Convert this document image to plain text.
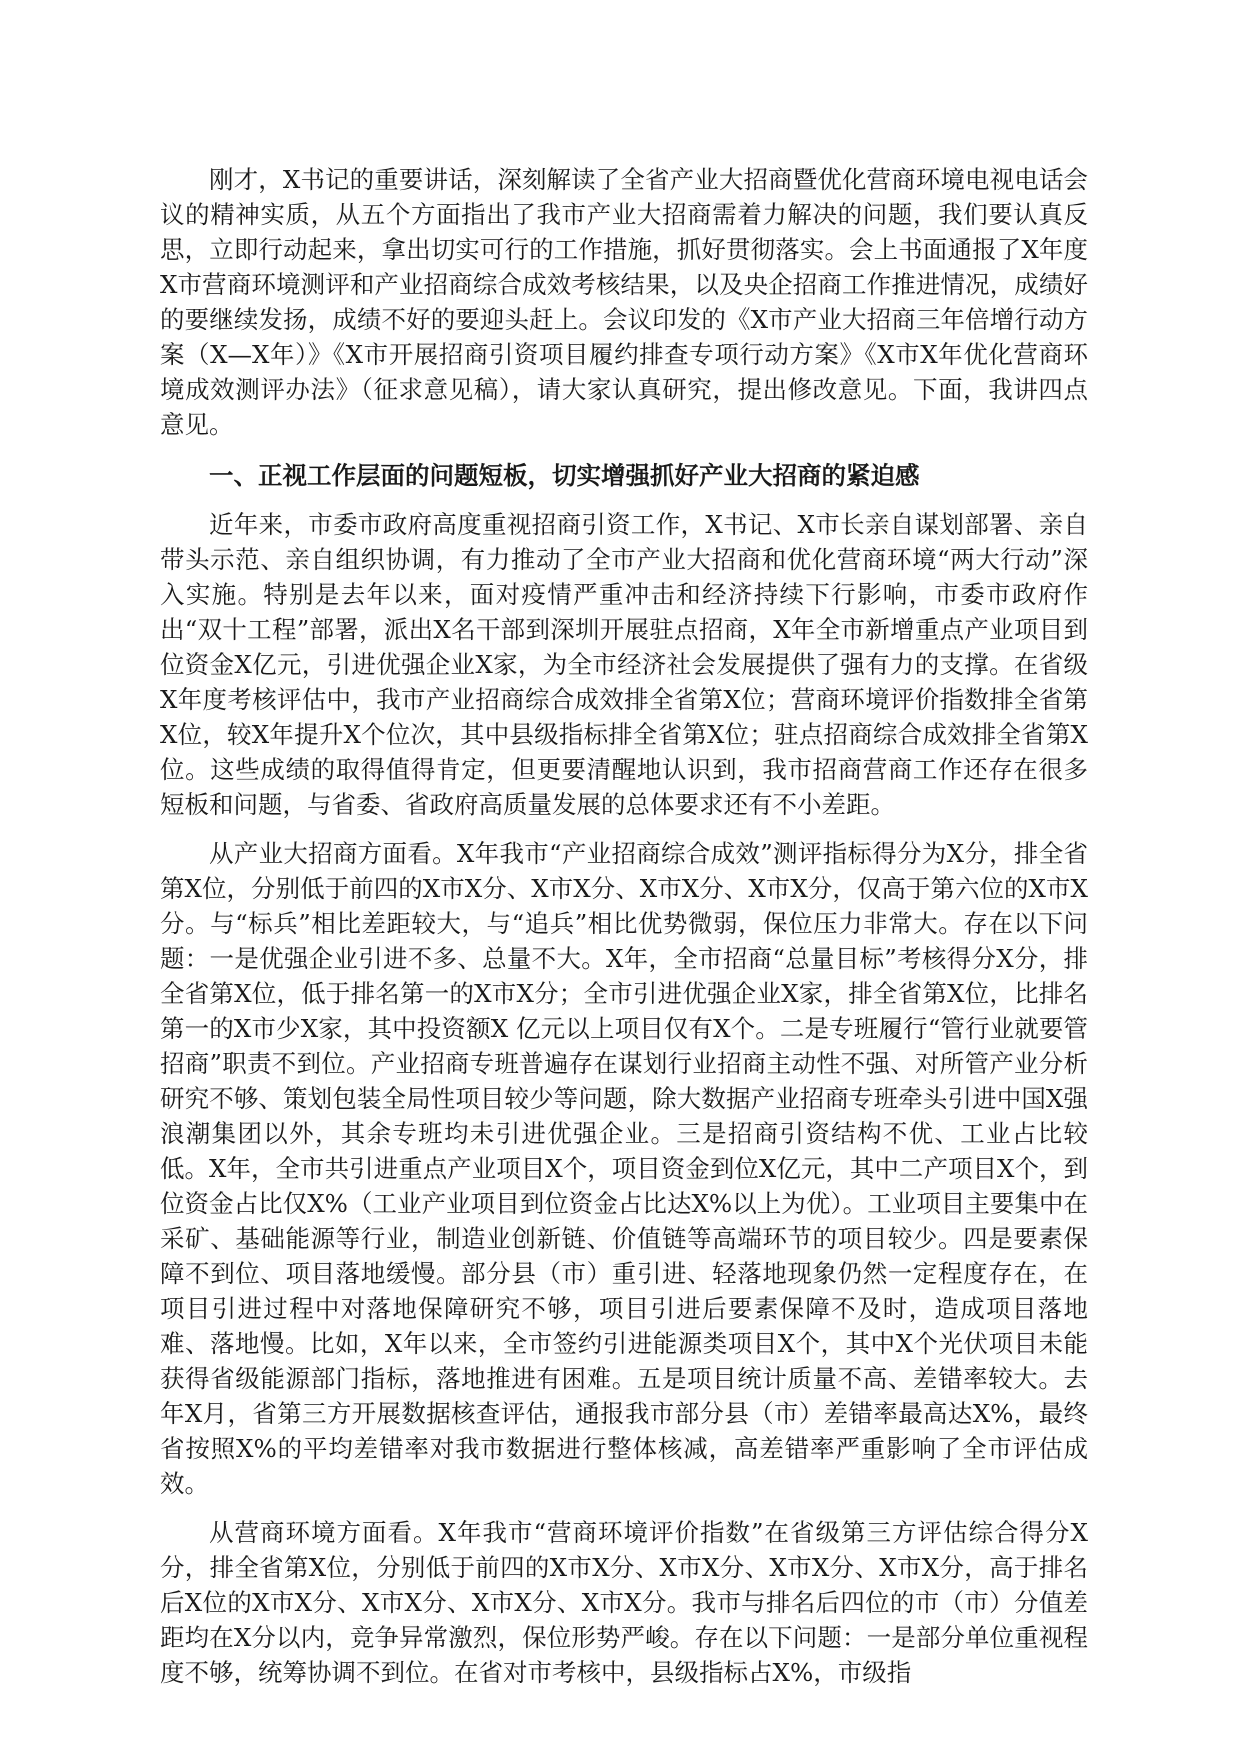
刚才，X书记的重要讲话，深刻解读了全省产业大招商暨优化营商环境电视电话会议的精神实质，从五个方面指出了我市产业大招商需着力解决的问题，我们要认真反思，立即行动起来，拿出切实可行的工作措施，抓好贯彻落实。会上书面通报了X年度X市营商环境测评和产业招商综合成效考核结果，以及央企招商工作推进情况，成绩好的要继续发扬，成绩不好的要迎头赶上。会议印发的《X市产业大招商三年倍增行动方案（X—X年）》《X市开展招商引资项目履约排查专项行动方案》《X市X年优化营商环境成效测评办法》（征求意见稿），请大家认真研究，提出修改意见。下面，我讲四点意见。

一、正视工作层面的问题短板，切实增强抓好产业大招商的紧迫感

近年来，市委市政府高度重视招商引资工作，X书记、X市长亲自谋划部署、亲自带头示范、亲自组织协调，有力推动了全市产业大招商和优化营商环境“两大行动”深入实施。特别是去年以来，面对疫情严重冲击和经济持续下行影响，市委市政府作出“双十工程”部署，派出X名干部到深圳开展驻点招商，X年全市新增重点产业项目到位资金X亿元，引进优强企业X家，为全市经济社会发展提供了强有力的支撑。在省级X年度考核评估中，我市产业招商综合成效排全省第X位；营商环境评价指数排全省第X位，较X年提升X个位次，其中县级指标排全省第X位；驻点招商综合成效排全省第X位。这些成绩的取得值得肯定，但更要清醒地认识到，我市招商营商工作还存在很多短板和问题，与省委、省政府高质量发展的总体要求还有不小差距。

从产业大招商方面看。X年我市“产业招商综合成效”测评指标得分为X分，排全省第X位，分别低于前四的X市X分、X市X分、X市X分、X市X分，仅高于第六位的X市X分。与“标兵”相比差距较大，与“追兵”相比优势微弱，保位压力非常大。存在以下问题：一是优强企业引进不多、总量不大。X年，全市招商“总量目标”考核得分X分，排全省第X位，低于排名第一的X市X分；全市引进优强企业X家，排全省第X位，比排名第一的X市少X家，其中投资额X 亿元以上项目仅有X个。二是专班履行“管行业就要管招商”职责不到位。产业招商专班普遍存在谋划行业招商主动性不强、对所管产业分析研究不够、策划包装全局性项目较少等问题，除大数据产业招商专班牵头引进中国X强浪潮集团以外，其余专班均未引进优强企业。三是招商引资结构不优、工业占比较低。X年，全市共引进重点产业项目X个，项目资金到位X亿元，其中二产项目X个，到位资金占比仅X%（工业产业项目到位资金占比达X%以上为优）。工业项目主要集中在采矿、基础能源等行业，制造业创新链、价值链等高端环节的项目较少。四是要素保障不到位、项目落地缓慢。部分县（市）重引进、轻落地现象仍然一定程度存在，在项目引进过程中对落地保障研究不够，项目引进后要素保障不及时，造成项目落地难、落地慢。比如，X年以来，全市签约引进能源类项目X个，其中X个光伏项目未能获得省级能源部门指标，落地推进有困难。五是项目统计质量不高、差错率较大。去年X月，省第三方开展数据核查评估，通报我市部分县（市）差错率最高达X%，最终省按照X%的平均差错率对我市数据进行整体核减，高差错率严重影响了全市评估成效。

从营商环境方面看。X年我市“营商环境评价指数”在省级第三方评估综合得分X分，排全省第X位，分别低于前四的X市X分、X市X分、X市X分、X市X分，高于排名后X位的X市X分、X市X分、X市X分、X市X分。我市与排名后四位的市（市）分值差距均在X分以内，竞争异常激烈，保位形势严峻。存在以下问题：一是部分单位重视程度不够，统筹协调不到位。在省对市考核中，县级指标占X%，市级指
